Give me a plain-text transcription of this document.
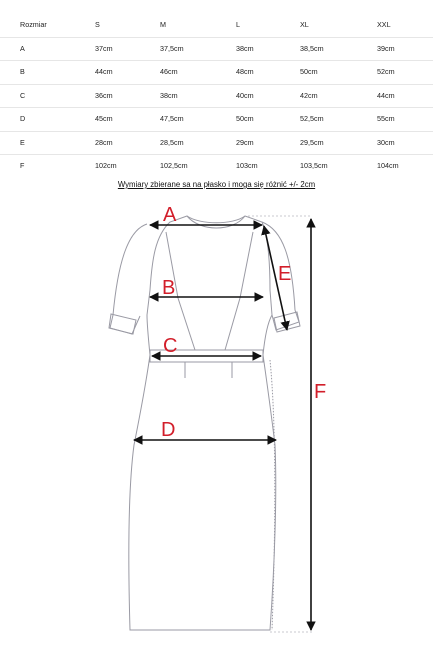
Rozmiar	S	M	L	XL	XXL
A	37cm	37,5cm	38cm	38,5cm	39cm
B	44cm	46cm	48cm	50cm	52cm
C	36cm	38cm	40cm	42cm	44cm
D	45cm	47,5cm	50cm	52,5cm	55cm
E	28cm	28,5cm	29cm	29,5cm	30cm
F	102cm	102,5cm	103cm	103,5cm	104cm
Wymiary zbierane sa na płasko i moga się różnić +/- 2cm
A
B
C
D
E
F
